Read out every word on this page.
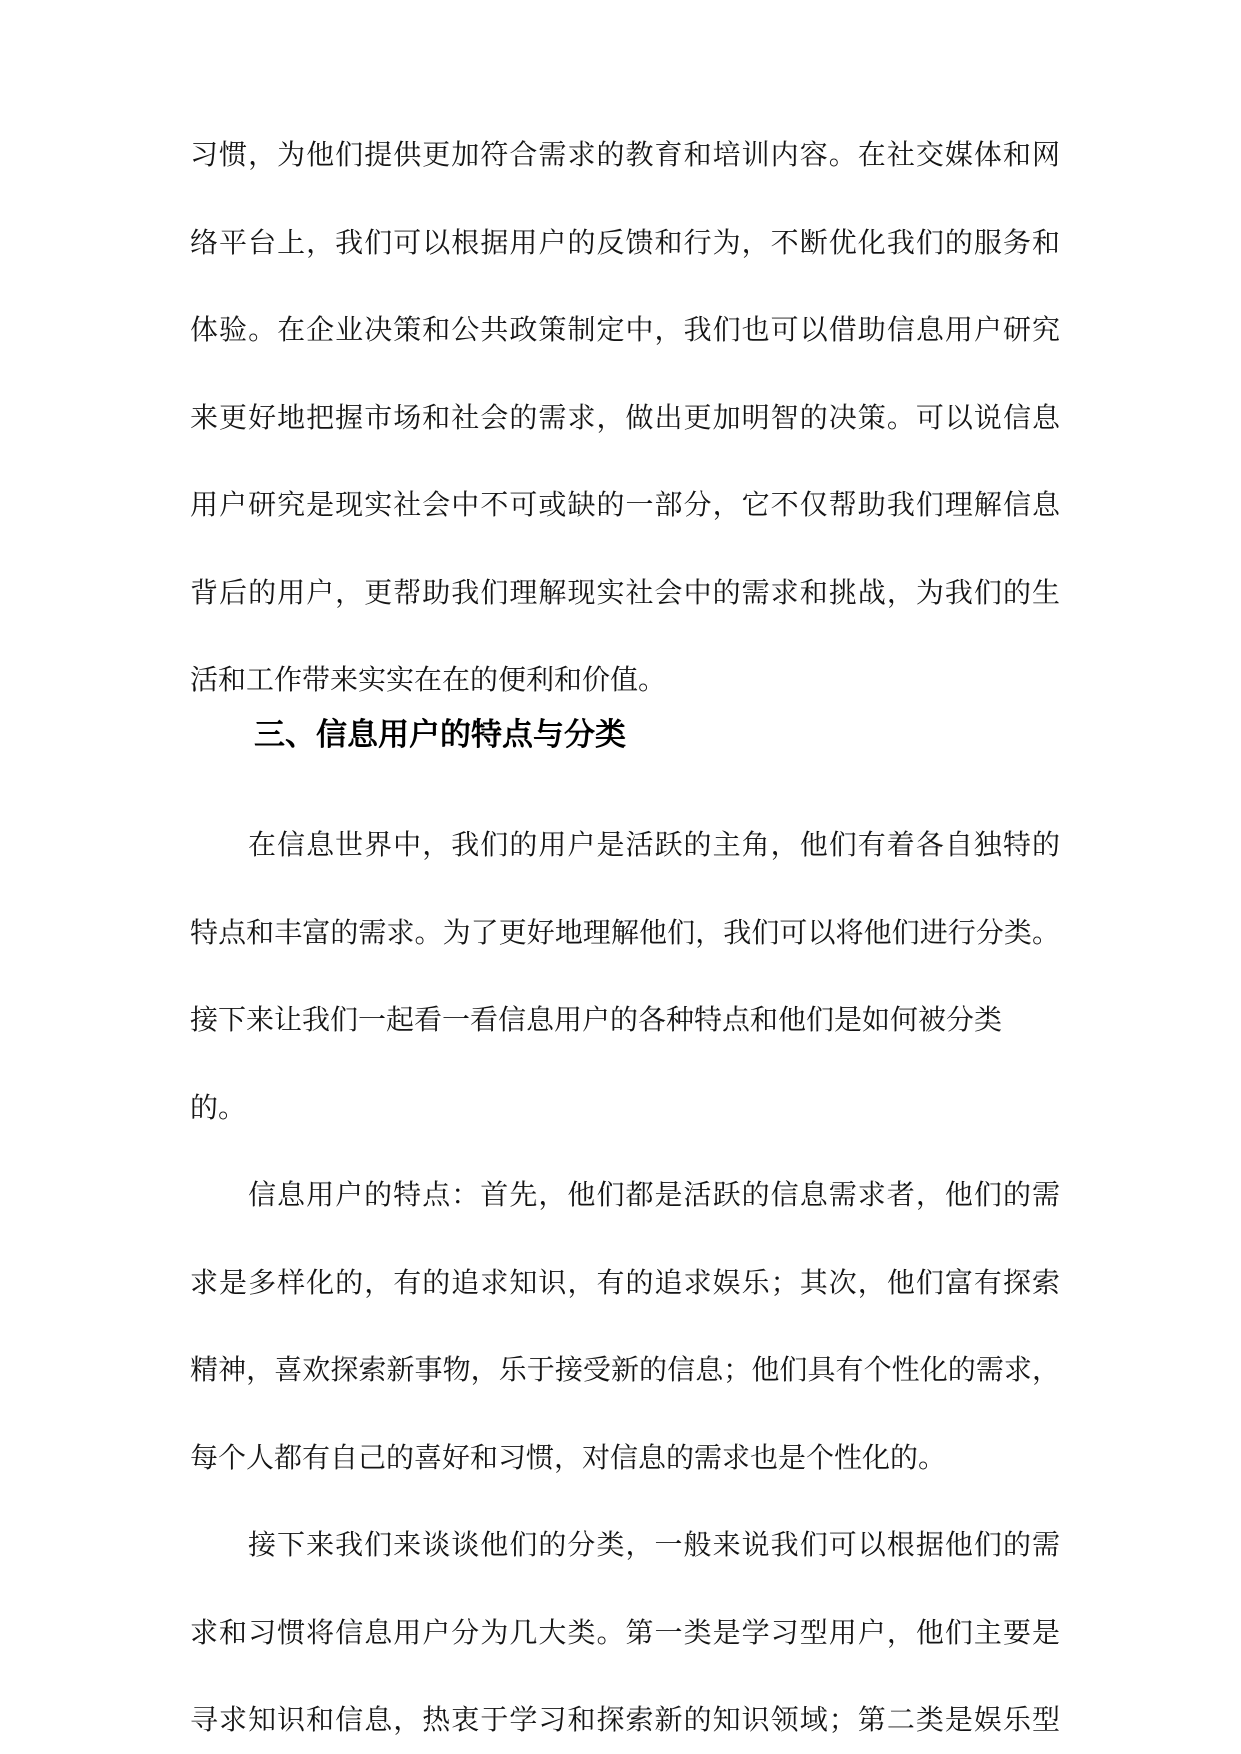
习惯，为他们提供更加符合需求的教育和培训内容。在社交媒体和网
络平台上，我们可以根据用户的反馈和行为，不断优化我们的服务和
体验。在企业决策和公共政策制定中，我们也可以借助信息用户研究
来更好地把握市场和社会的需求，做出更加明智的决策。可以说信息
用户研究是现实社会中不可或缺的一部分，它不仅帮助我们理解信息
背后的用户，更帮助我们理解现实社会中的需求和挑战，为我们的生
活和工作带来实实在在的便利和价值。
三、信息用户的特点与分类
在信息世界中，我们的用户是活跃的主角，他们有着各自独特的
特点和丰富的需求。为了更好地理解他们，我们可以将他们进行分类。
接下来让我们一起看一看信息用户的各种特点和他们是如何被分类
的。
信息用户的特点：首先，他们都是活跃的信息需求者，他们的需
求是多样化的，有的追求知识，有的追求娱乐；其次，他们富有探索
精神，喜欢探索新事物，乐于接受新的信息；他们具有个性化的需求，
每个人都有自己的喜好和习惯，对信息的需求也是个性化的。
接下来我们来谈谈他们的分类，一般来说我们可以根据他们的需
求和习惯将信息用户分为几大类。第一类是学习型用户，他们主要是
寻求知识和信息，热衷于学习和探索新的知识领域；第二类是娱乐型
